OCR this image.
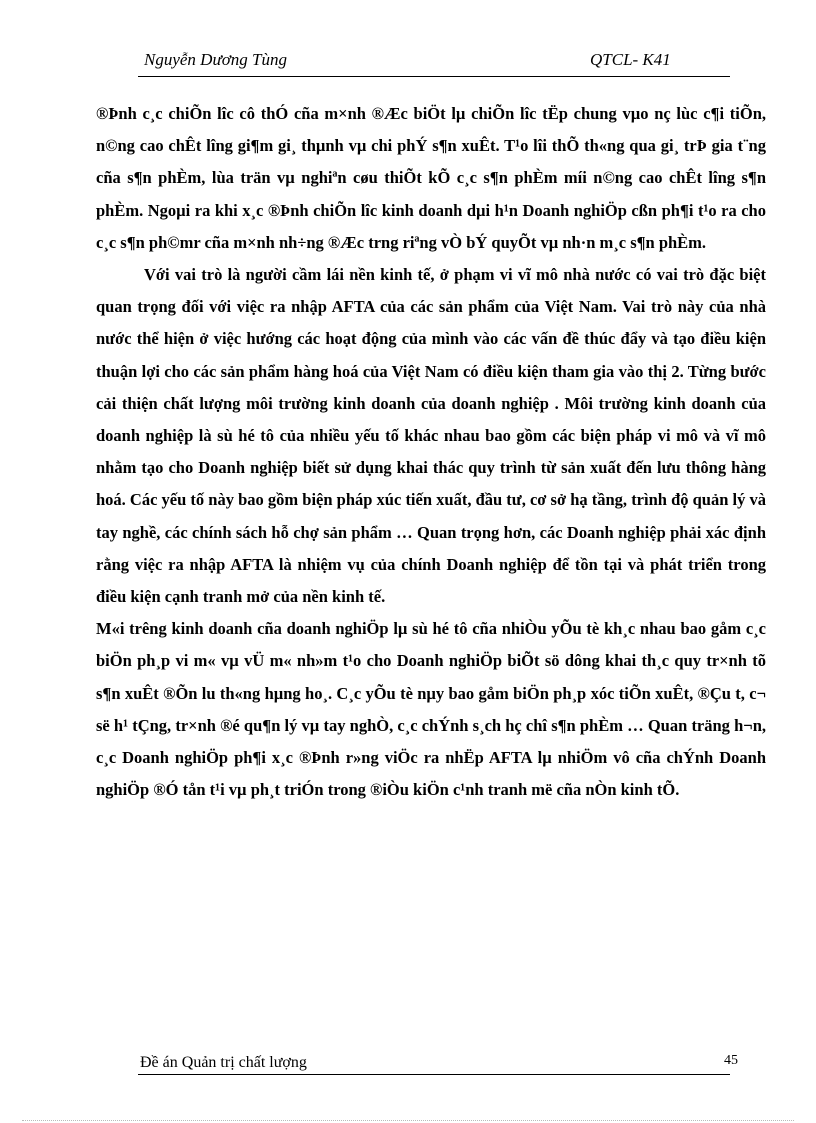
Nguyễn Dương Tùng	QTCL- K41

®Þnh c¸c chiÕn lîc cô thÓ cña m×nh ®Æc biÖt lµ chiÕn lîc tËp chung vµo nç lùc c¶i tiÕn, n©ng cao chÊt lîng gi¶m gi¸ thµnh vµ chi phÝ s¶n xuÊt. T¹o lîi thÕ th«ng qua gi¸ trÞ gia t¨ng cña s¶n phÈm, lùa trän vµ nghiªn cøu thiÕt kÕ c¸c s¶n phÈm míi n©ng cao chÊt lîng s¶n phÈm. Ngoµi ra khi x¸c ®Þnh chiÕn lîc kinh doanh dµi h¹n Doanh nghiÖp cßn ph¶i t¹o ra cho c¸c s¶n ph©mr cña m×nh nh÷ng ®Æc trng riªng vÒ bÝ quyÕt vµ nh·n m¸c s¶n phÈm.

Với vai trò là người cầm lái nền kinh tế, ở phạm vi vĩ mô nhà nước có vai trò đặc biệt quan trọng đối với việc ra nhập AFTA của các sản phẩm của Việt Nam. Vai trò này của nhà nước thể hiện ở việc hướng các hoạt động của mình vào các vấn đề thúc đẩy và tạo điều kiện thuận lợi cho các sản phẩm hàng hoá của Việt Nam có điều kiện tham gia vào thị 2. Từng bước cải thiện chất lượng môi trường kinh doanh của doanh nghiệp . Môi trường kinh doanh của doanh nghiệp là sù hé tô của nhiều yếu tố khác nhau bao gồm các biện pháp vi mô và vĩ mô nhằm tạo cho Doanh nghiệp biết sử dụng khai thác quy trình từ sản xuất đến lưu thông hàng hoá. Các yếu tố này bao gồm biện pháp xúc tiến xuất, đầu tư, cơ sở hạ tầng, trình độ quản lý và tay nghề, các chính sách hỗ chợ sản phẩm … Quan trọng hơn, các Doanh nghiệp phải xác định rằng việc ra nhập AFTA là nhiệm vụ của chính Doanh nghiệp để tồn tại và phát triển trong điều kiện cạnh tranh mở của nền kinh tế.

M«i trêng kinh doanh cña doanh nghiÖp lµ sù hé tô cña nhiÒu yÕu tè kh¸c nhau bao gåm c¸c biÖn ph¸p vi m« vµ vÜ m« nh»m t¹o cho Doanh nghiÖp biÕt sö dông khai th¸c quy tr×nh tõ s¶n xuÊt ®Õn lu th«ng hµng ho¸. C¸c yÕu tè nµy bao gåm biÖn ph¸p xóc tiÕn xuÊt, ®Çu t, c¬ së h¹ tÇng, tr×nh ®é qu¶n lý vµ tay nghÒ, c¸c chÝnh s¸ch hç chî s¶n phÈm … Quan träng h¬n, c¸c Doanh nghiÖp ph¶i x¸c ®Þnh r»ng viÖc ra nhËp AFTA lµ nhiÖm vô cña chÝnh Doanh nghiÖp ®Ó tån t¹i vµ ph¸t triÓn trong ®iÒu kiÖn c¹nh tranh më cña nÒn kinh tÕ.

Đề án Quản trị chất lượng	45
